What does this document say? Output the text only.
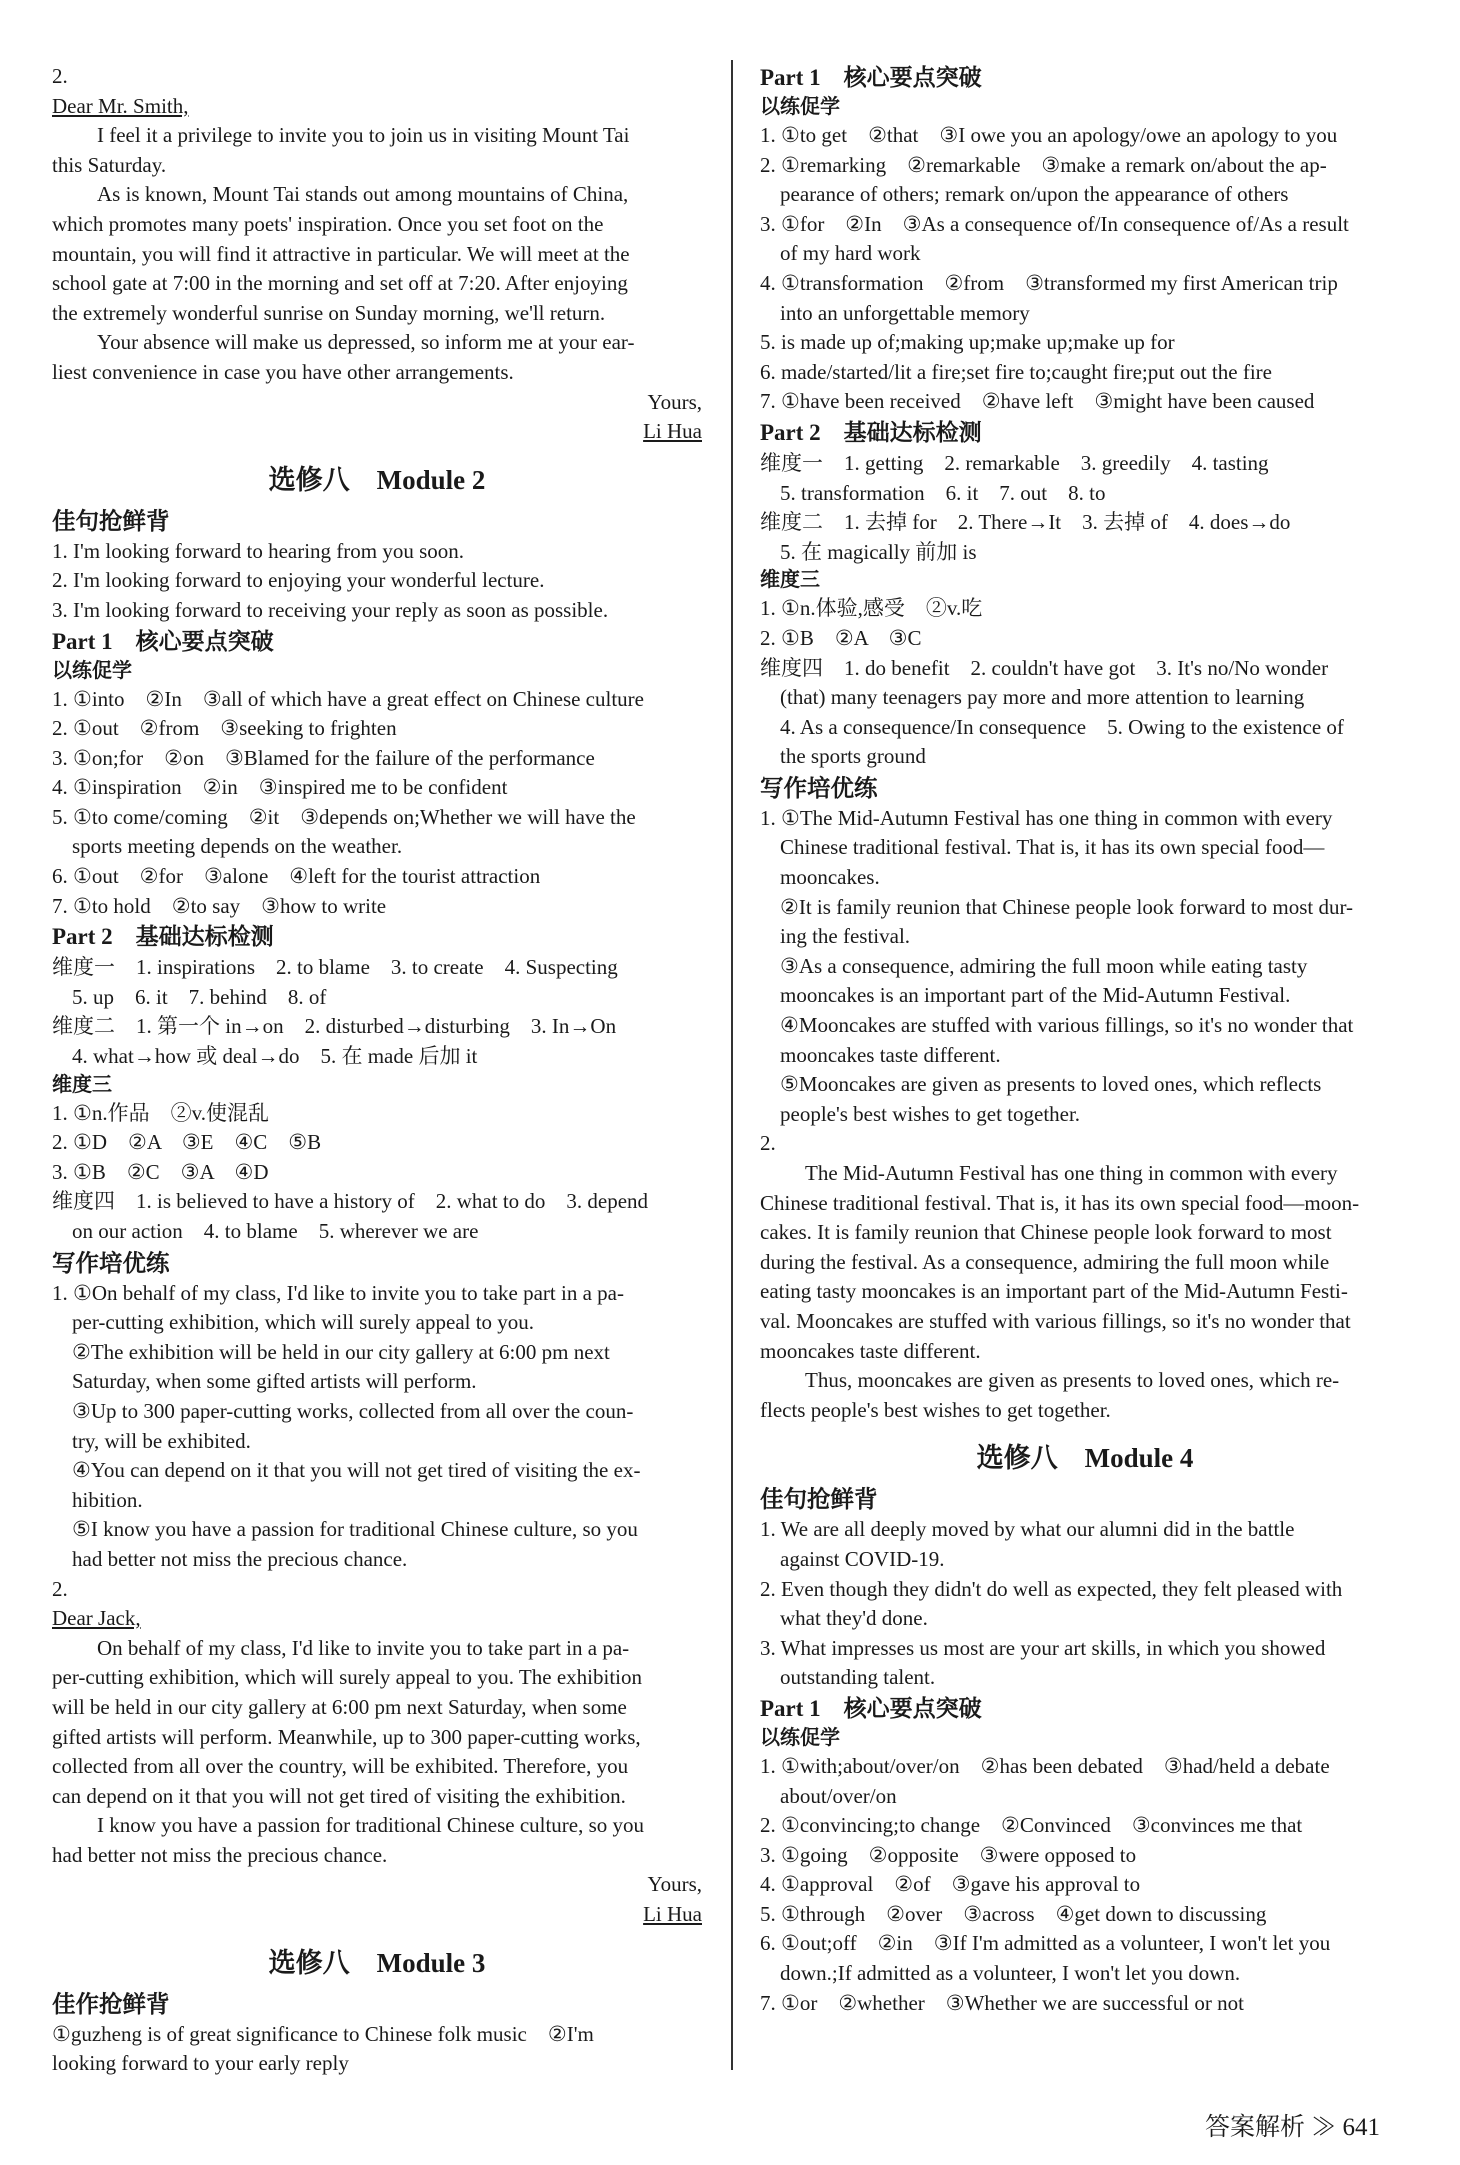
2.
Dear Mr. Smith,
I feel it a privilege to invite you to join us in visiting Mount Tai
this Saturday.
As is known, Mount Tai stands out among mountains of China,
which promotes many poets' inspiration. Once you set foot on the
mountain, you will find it attractive in particular. We will meet at the
school gate at 7:00 in the morning and set off at 7:20. After enjoying
the extremely wonderful sunrise on Sunday morning, we'll return.
Your absence will make us depressed, so inform me at your ear-
liest convenience in case you have other arrangements.
Yours,
Li Hua
选修八　Module 2
佳句抢鲜背
1. I'm looking forward to hearing from you soon.
2. I'm looking forward to enjoying your wonderful lecture.
3. I'm looking forward to receiving your reply as soon as possible.
Part 1　核心要点突破
以练促学
1. ①into　②In　③all of which have a great effect on Chinese culture
2. ①out　②from　③seeking to frighten
3. ①on;for　②on　③Blamed for the failure of the performance
4. ①inspiration　②in　③inspired me to be confident
5. ①to come/coming　②it　③depends on;Whether we will have the
sports meeting depends on the weather.
6. ①out　②for　③alone　④left for the tourist attraction
7. ①to hold　②to say　③how to write
Part 2　基础达标检测
维度一　1. inspirations　2. to blame　3. to create　4. Suspecting
5. up　6. it　7. behind　8. of
维度二　1. 第一个 in→on　2. disturbed→disturbing　3. In→On
4. what→how 或 deal→do　5. 在 made 后加 it
维度三
1. ①n.作品　②v.使混乱
2. ①D　②A　③E　④C　⑤B
3. ①B　②C　③A　④D
维度四　1. is believed to have a history of　2. what to do　3. depend
on our action　4. to blame　5. wherever we are
写作培优练
1. ①On behalf of my class, I'd like to invite you to take part in a pa-
per-cutting exhibition, which will surely appeal to you.
②The exhibition will be held in our city gallery at 6:00 pm next
Saturday, when some gifted artists will perform.
③Up to 300 paper-cutting works, collected from all over the coun-
try, will be exhibited.
④You can depend on it that you will not get tired of visiting the ex-
hibition.
⑤I know you have a passion for traditional Chinese culture, so you
had better not miss the precious chance.
2.
Dear Jack,
On behalf of my class, I'd like to invite you to take part in a pa-
per-cutting exhibition, which will surely appeal to you. The exhibition
will be held in our city gallery at 6:00 pm next Saturday, when some
gifted artists will perform. Meanwhile, up to 300 paper-cutting works,
collected from all over the country, will be exhibited. Therefore, you
can depend on it that you will not get tired of visiting the exhibition.
I know you have a passion for traditional Chinese culture, so you
had better not miss the precious chance.
Yours,
Li Hua
选修八　Module 3
佳作抢鲜背
①guzheng is of great significance to Chinese folk music　②I'm
looking forward to your early reply
Part 1　核心要点突破
以练促学
1. ①to get　②that　③I owe you an apology/owe an apology to you
2. ①remarking　②remarkable　③make a remark on/about the ap-
pearance of others; remark on/upon the appearance of others
3. ①for　②In　③As a consequence of/In consequence of/As a result
of my hard work
4. ①transformation　②from　③transformed my first American trip
into an unforgettable memory
5. is made up of;making up;make up;make up for
6. made/started/lit a fire;set fire to;caught fire;put out the fire
7. ①have been received　②have left　③might have been caused
Part 2　基础达标检测
维度一　1. getting　2. remarkable　3. greedily　4. tasting
5. transformation　6. it　7. out　8. to
维度二　1. 去掉 for　2. There→It　3. 去掉 of　4. does→do
5. 在 magically 前加 is
维度三
1. ①n.体验,感受　②v.吃
2. ①B　②A　③C
维度四　1. do benefit　2. couldn't have got　3. It's no/No wonder
(that) many teenagers pay more and more attention to learning
4. As a consequence/In consequence　5. Owing to the existence of
the sports ground
写作培优练
1. ①The Mid-Autumn Festival has one thing in common with every
Chinese traditional festival. That is, it has its own special food—
mooncakes.
②It is family reunion that Chinese people look forward to most dur-
ing the festival.
③As a consequence, admiring the full moon while eating tasty
mooncakes is an important part of the Mid-Autumn Festival.
④Mooncakes are stuffed with various fillings, so it's no wonder that
mooncakes taste different.
⑤Mooncakes are given as presents to loved ones, which reflects
people's best wishes to get together.
2.
The Mid-Autumn Festival has one thing in common with every
Chinese traditional festival. That is, it has its own special food—moon-
cakes. It is family reunion that Chinese people look forward to most
during the festival. As a consequence, admiring the full moon while
eating tasty mooncakes is an important part of the Mid-Autumn Festi-
val. Mooncakes are stuffed with various fillings, so it's no wonder that
mooncakes taste different.
Thus, mooncakes are given as presents to loved ones, which re-
flects people's best wishes to get together.
选修八　Module 4
佳句抢鲜背
1. We are all deeply moved by what our alumni did in the battle
against COVID-19.
2. Even though they didn't do well as expected, they felt pleased with
what they'd done.
3. What impresses us most are your art skills, in which you showed
outstanding talent.
Part 1　核心要点突破
以练促学
1. ①with;about/over/on　②has been debated　③had/held a debate
about/over/on
2. ①convincing;to change　②Convinced　③convinces me that
3. ①going　②opposite　③were opposed to
4. ①approval　②of　③gave his approval to
5. ①through　②over　③across　④get down to discussing
6. ①out;off　②in　③If I'm admitted as a volunteer, I won't let you
down.;If admitted as a volunteer, I won't let you down.
7. ①or　②whether　③Whether we are successful or not
答案解析 ≫ 641
